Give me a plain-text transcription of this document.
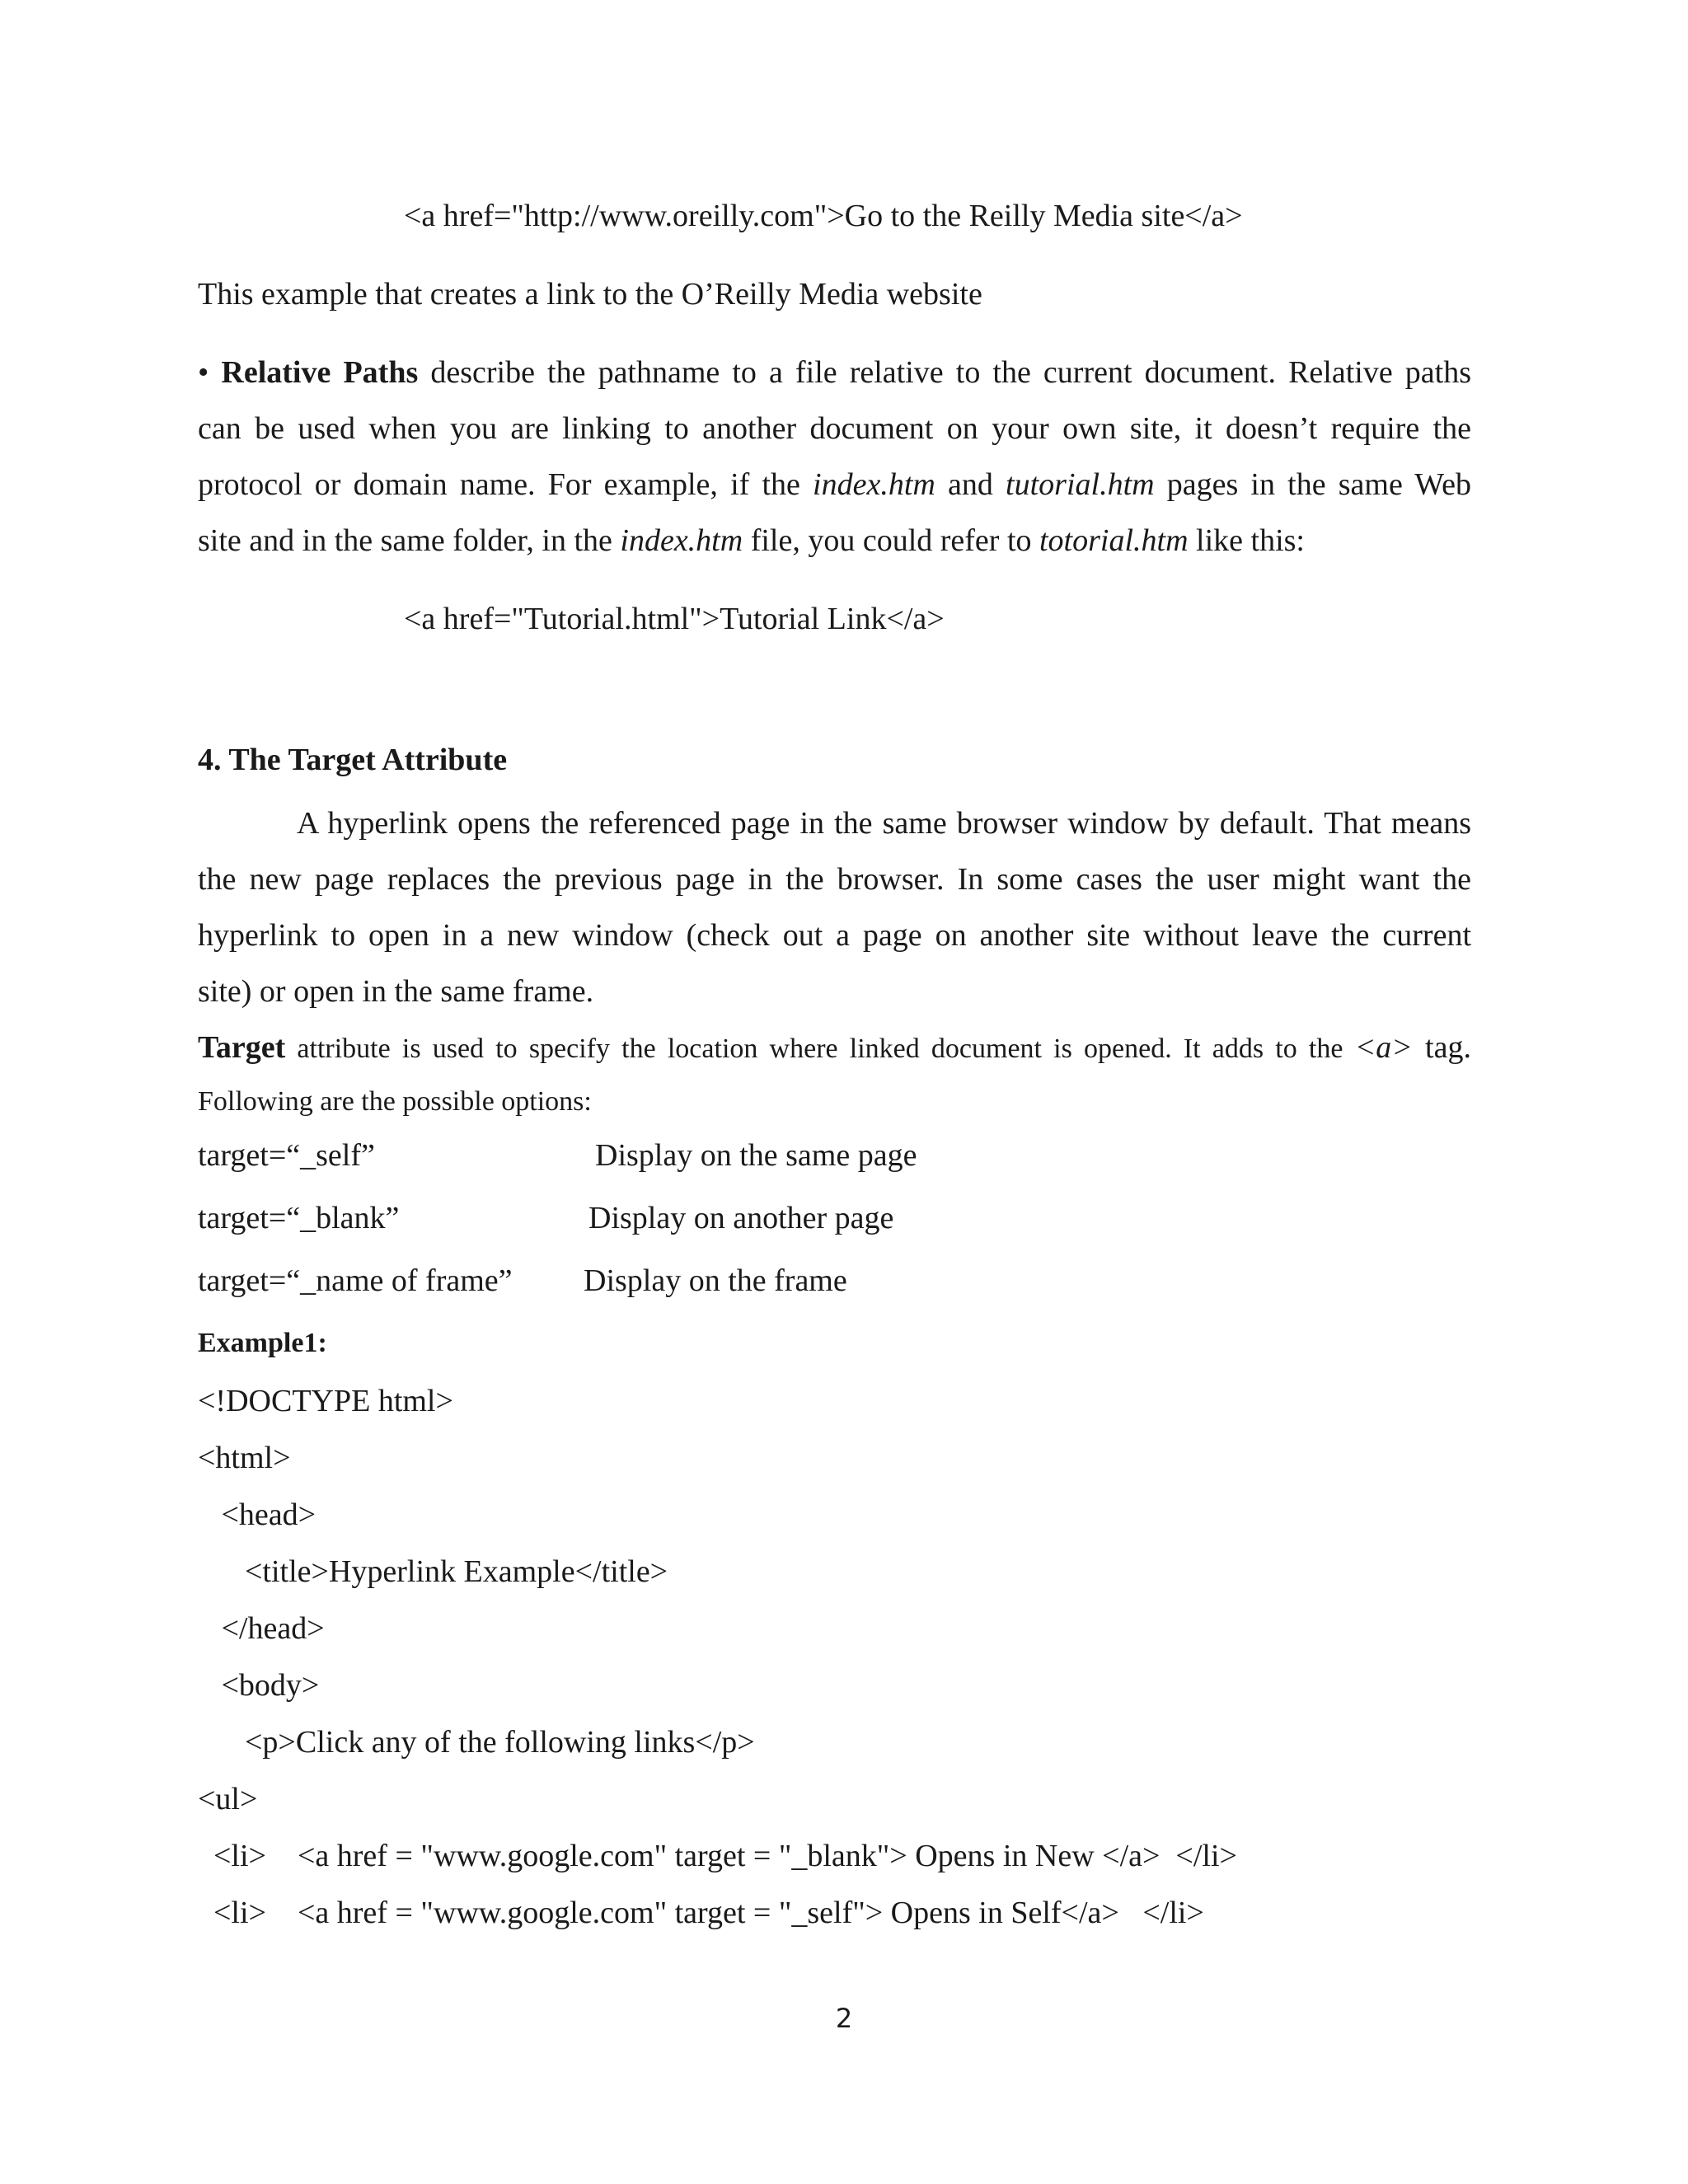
<a href="http://www.oreilly.com">Go to the Reilly Media site</a>
This example that creates a link to the O’Reilly Media website
• Relative Paths describe the pathname to a file relative to the current document. Relative paths
can be used when you are linking to another document on your own site, it doesn’t require the
protocol or domain name. For example, if the index.htm and tutorial.htm pages in the same Web
site and in the same folder, in the index.htm file, you could refer to totorial.htm like this:
<a href="Tutorial.html">Tutorial Link</a>
4. The Target Attribute
A hyperlink opens the referenced page in the same browser window by default. That means
the new page replaces the previous page in the browser. In some cases the user might want the
hyperlink to open in a new window (check out a page on another site without leave the current
site) or open in the same frame.
Target attribute is used to specify the location where linked document is opened. It adds to the <a> tag.
Following are the possible options:
target=“_self”	Display on the same page
target=“_blank”	Display on another page
target=“_name of frame” Display on the frame
Example1:
<!DOCTYPE html>
<html>
<head>
<title>Hyperlink Example</title>
</head>
<body>
<p>Click any of the following links</p>
<ul>
<li>    <a href = "www.google.com" target = "_blank"> Opens in New </a>  </li>
<li>    <a href = "www.google.com" target = "_self"> Opens in Self</a>   </li>
2
